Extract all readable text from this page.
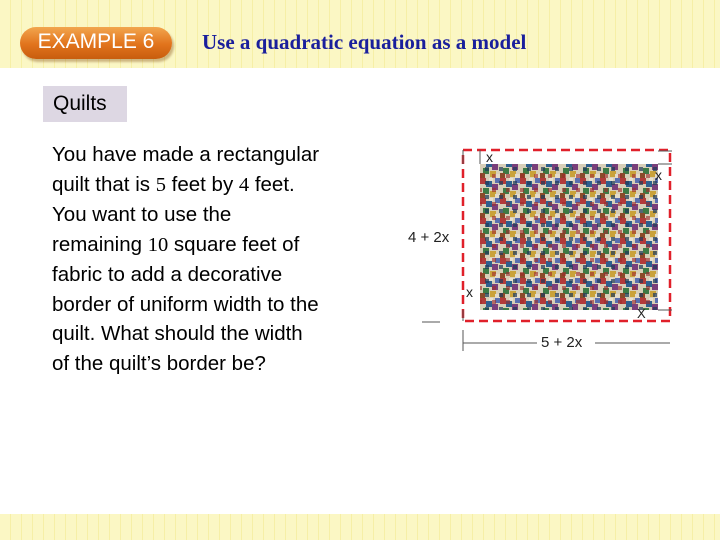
EXAMPLE 6	Use a quadratic equation as a model
Quilts
You have made a rectangular
quilt that is 5 feet by 4 feet.
You want to use the
remaining 10 square feet of
fabric to add a decorative
border of uniform width to the
quilt. What should the width
of the quilt’s border be?
x
x
x
X
4 + 2x
5 + 2x
